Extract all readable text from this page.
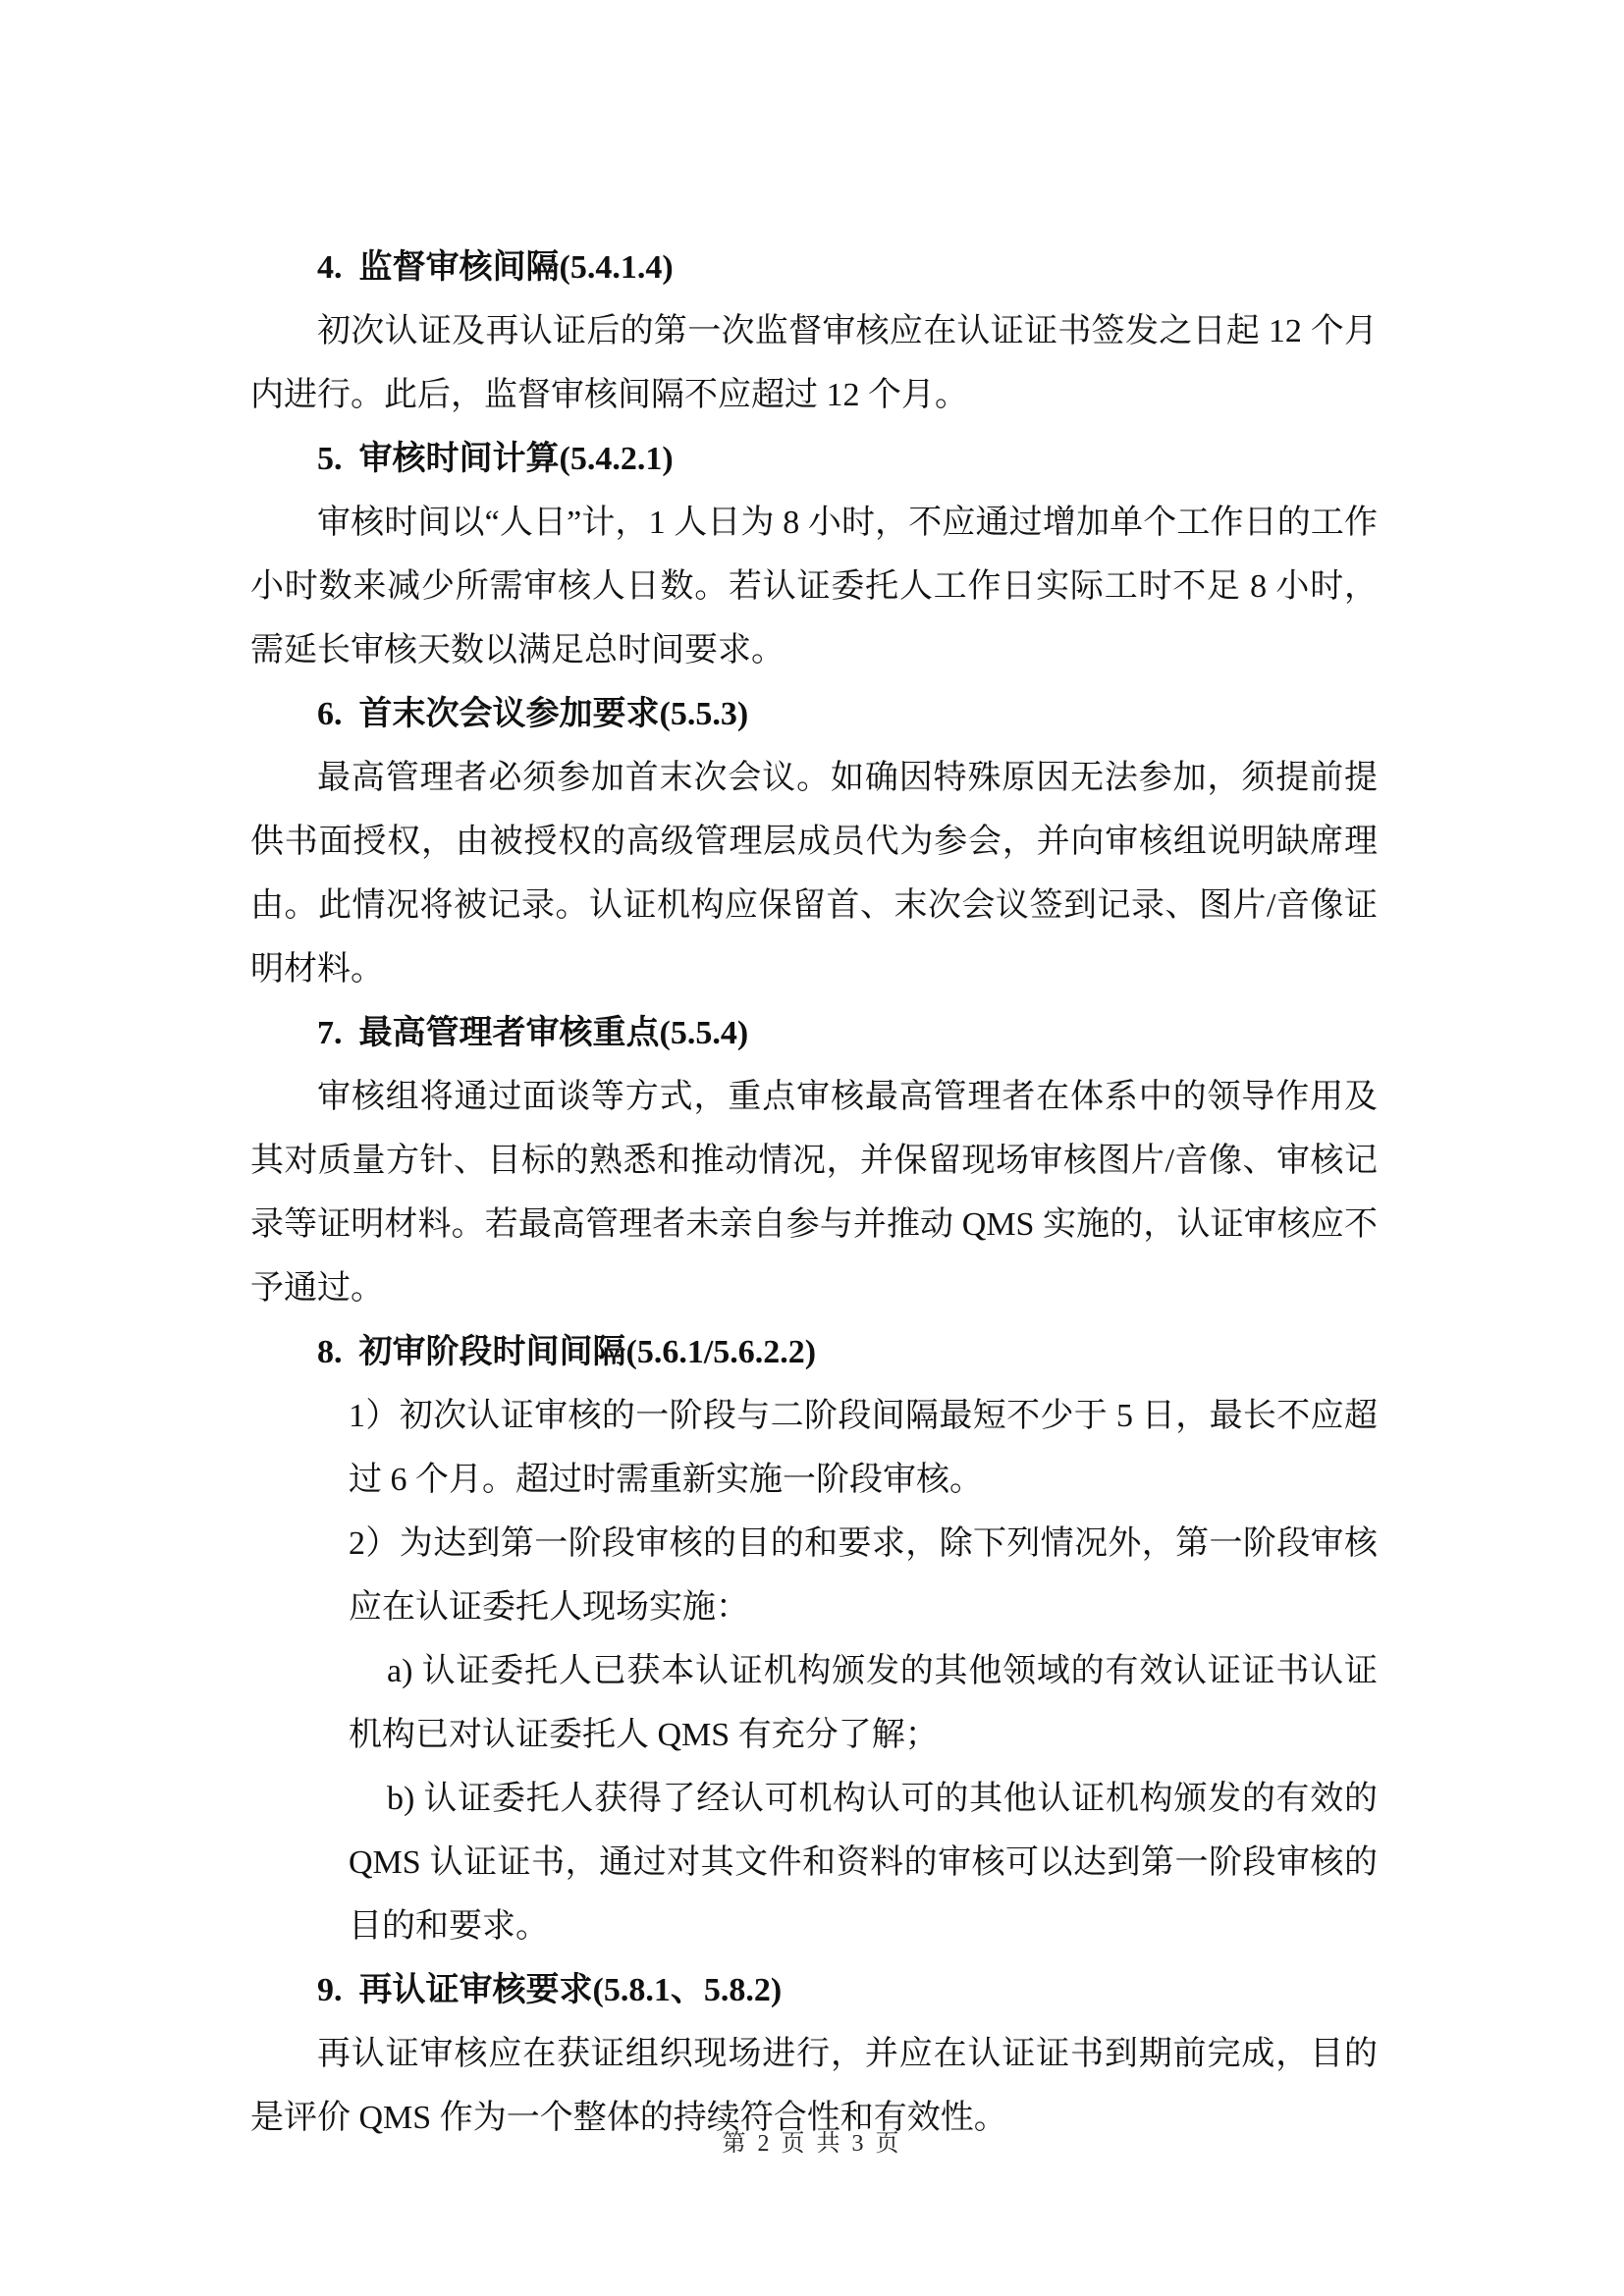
4.  监督审核间隔(5.4.1.4)

初次认证及再认证后的第一次监督审核应在认证证书签发之日起 12 个月内进行。此后，监督审核间隔不应超过 12 个月。

5.  审核时间计算(5.4.2.1)

审核时间以“人日”计，1 人日为 8 小时，不应通过增加单个工作日的工作小时数来减少所需审核人日数。若认证委托人工作日实际工时不足 8 小时，需延长审核天数以满足总时间要求。

6.  首末次会议参加要求(5.5.3)

最高管理者必须参加首末次会议。如确因特殊原因无法参加，须提前提供书面授权，由被授权的高级管理层成员代为参会，并向审核组说明缺席理由。此情况将被记录。认证机构应保留首、末次会议签到记录、图片/音像证明材料。

7.  最高管理者审核重点(5.5.4)

审核组将通过面谈等方式，重点审核最高管理者在体系中的领导作用及其对质量方针、目标的熟悉和推动情况，并保留现场审核图片/音像、审核记录等证明材料。若最高管理者未亲自参与并推动 QMS 实施的，认证审核应不予通过。

8.  初审阶段时间间隔(5.6.1/5.6.2.2)

1）初次认证审核的一阶段与二阶段间隔最短不少于 5 日，最长不应超过 6 个月。超过时需重新实施一阶段审核。

2）为达到第一阶段审核的目的和要求，除下列情况外，第一阶段审核应在认证委托人现场实施：

a) 认证委托人已获本认证机构颁发的其他领域的有效认证证书认证机构已对认证委托人 QMS 有充分了解；

b) 认证委托人获得了经认可机构认可的其他认证机构颁发的有效的 QMS 认证证书，通过对其文件和资料的审核可以达到第一阶段审核的目的和要求。

9.  再认证审核要求(5.8.1、5.8.2)

再认证审核应在获证组织现场进行，并应在认证证书到期前完成，目的是评价 QMS 作为一个整体的持续符合性和有效性。

第 2 页 共 3 页
